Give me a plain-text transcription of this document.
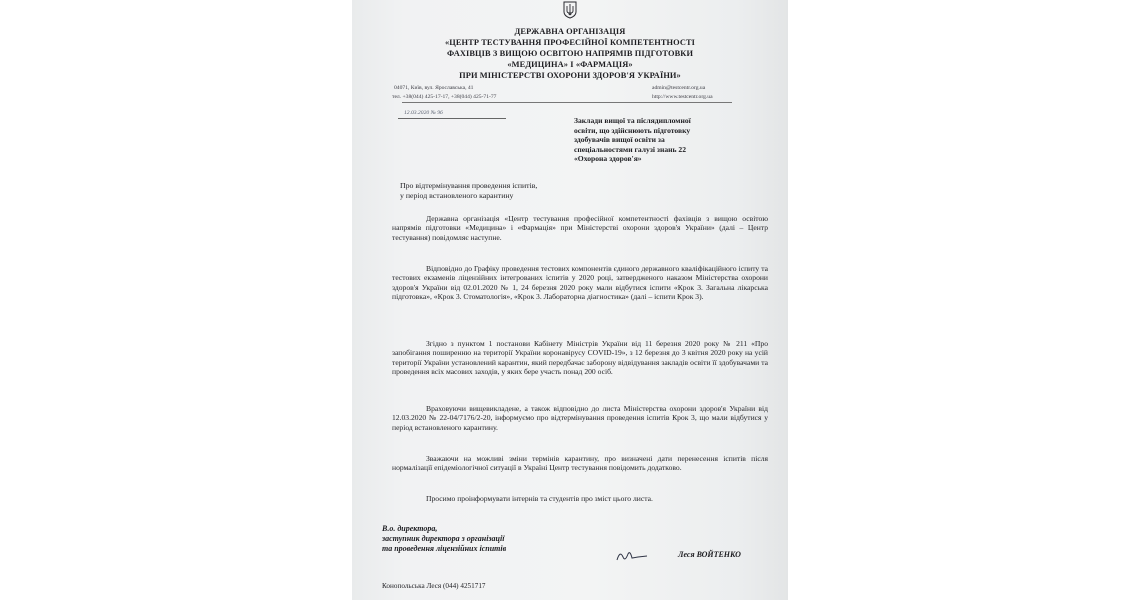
ДЕРЖАВНА ОРГАНІЗАЦІЯ
«ЦЕНТР ТЕСТУВАННЯ ПРОФЕСІЙНОЇ КОМПЕТЕНТНОСТІ
ФАХІВЦІВ З ВИЩОЮ ОСВІТОЮ НАПРЯМІВ ПІДГОТОВКИ
«МЕДИЦИНА» І «ФАРМАЦІЯ»
ПРИ МІНІСТЕРСТВІ ОХОРОНИ ЗДОРОВ'Я УКРАЇНИ»
04071, Київ, вул. Ярославська, 41	admin@testcentr.org.ua
тел. +38(044) 425-17-17, +38(044) 425-71-77	http://www.testcentr.org.ua
12.03.2020 № 96
Заклади вищої та післядипломної
освіти, що здійснюють підготовку
здобувачів вищої освіти за
спеціальностями галузі знань 22
«Охорона здоров'я»
Про відтермінування проведення іспитів,
у період встановленого карантину
Державна організація «Центр тестування професійної компетентності фахівців з вищою освітою напрямів підготовки «Медицина» і «Фармація» при Міністерстві охорони здоров'я України» (далі – Центр тестування) повідомляє наступне.
Відповідно до Графіку проведення тестових компонентів єдиного державного кваліфікаційного іспиту та тестових екзаменів ліцензійних інтегрованих іспитів у 2020 році, затвердженого наказом Міністерства охорони здоров'я України від 02.01.2020 № 1, 24 березня 2020 року мали відбутися іспити «Крок 3. Загальна лікарська підготовка», «Крок 3. Стоматологія», «Крок 3. Лабораторна діагностика» (далі – іспити Крок 3).
Згідно з пунктом 1 постанови Кабінету Міністрів України від 11 березня 2020 року № 211 «Про запобігання поширенню на території України коронавірусу COVID-19», з 12 березня до 3 квітня 2020 року на усій території України установлений карантин, який передбачає заборону відвідування закладів освіти її здобувачами та проведення всіх масових заходів, у яких бере участь понад 200 осіб.
Враховуючи вищевикладене, а також відповідно до листа Міністерства охорони здоров'я України від 12.03.2020 № 22-04/7176/2-20, інформуємо про відтермінування проведення іспитів Крок 3, що мали відбутися у період встановленого карантину.
Зважаючи на можливі зміни термінів карантину, про визначені дати перенесення іспитів після нормалізації епідеміологічної ситуації в Україні Центр тестування повідомить додатково.
Просимо проінформувати інтернів та студентів про зміст цього листа.
В.о. директора,
заступник директора з організації
та проведення ліцензійних іспитів
Леся ВОЙТЕНКО
Конопольська Леся (044) 4251717
